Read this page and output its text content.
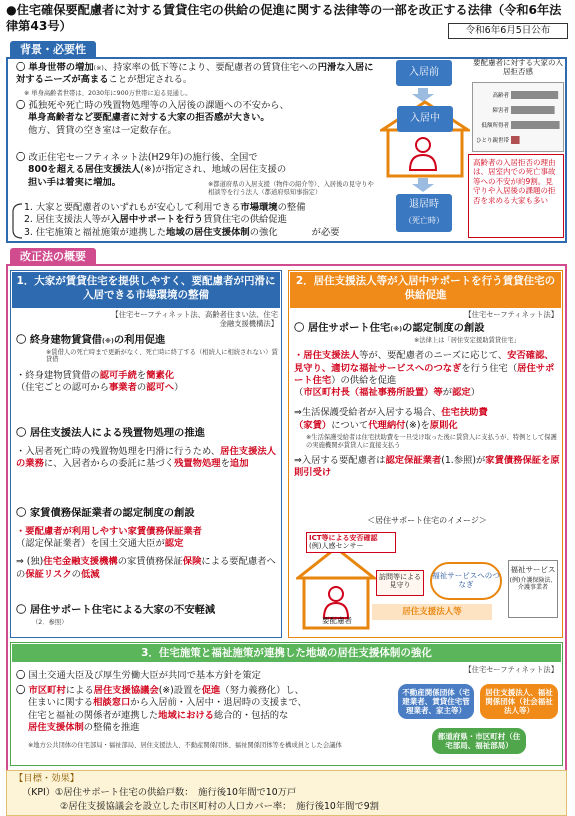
●住宅確保要配慮者に対する賃貸住宅の供給の促進に関する法律等の一部を改正する法律（令和6年法律第43号）	令和6年6月5日公布
背景・必要性
〇 単身世帯の増加(※)、持家率の低下等により、要配慮者の賃貸住宅への円滑な入居に対するニーズが高まることが想定される。
※ 単身高齢者世帯は、2030年に900万世帯に迫る見通し。
〇 孤独死や死亡時の残置物処理等の入居後の課題への不安から、
単身高齢者など要配慮者に対する大家の拒否感が大きい。
他方、賃貸の空き室は一定数存在。
〇 改正住宅セーフティネット法(H29年)の施行後、全国で
800を超える居住支援法人(※)が指定され、地域の居住支援の
担い手は着実に増加。	※都道府県の入居支援（物件の紹介等）、入居後の見守りや相談等を行う法人（都道府県知事指定）
1. 大家と要配慮者のいずれもが安心して利用できる市場環境の整備
2. 居住支援法人等が入居中サポートを行う賃貸住宅の供給促進
3. 住宅施策と福祉施策が連携した地域の居住支援体制の強化	が必要
入居前
入居中
退居時
（死亡時）
要配慮者に対する大家の入居拒否感
高齢者
障害者
低額所得者
ひとり親世帯
高齢者の入居拒否の理由は、居室内での死亡事故等への不安が約9割。見守りや入居後の課題の拒否を求める大家も多い
改正法の概要
1．大家が賃貸住宅を提供しやすく、要配慮者が円滑に入居できる市場環境の整備
【住宅セーフティネット法、高齢者住まい法、住宅金融支援機構法】
〇 終身建物賃貸借(※)の利用促進
※賃借人の死亡時まで更新がなく、死亡時に終了する（相続人に相続されない）賃貸借
・終身建物賃貸借の認可手続を簡素化
（住宅ごとの認可から事業者の認可へ）
〇 居住支援法人による残置物処理の推進
・入居者死亡時の残置物処理を円滑に行うため、居住支援法人の業務に、入居者からの委託に基づく残置物処理を追加
〇 家賃債務保証業者の認定制度の創設
・要配慮者が利用しやすい家賃債務保証業者
（認定保証業者）を国土交通大臣が認定
⇒ (独)住宅金融支援機構の家賃債務保証保険による要配慮者への保証リスクの低減
〇 居住サポート住宅による大家の不安軽減
（2．参照）
2．居住支援法人等が入居中サポートを行う賃貸住宅の供給促進
【住宅セーフティネット法】
〇 居住サポート住宅(※)の認定制度の創設
※法律上は「居住安定援助賃貸住宅」
・居住支援法人等が、要配慮者のニーズに応じて、安否確認、見守り、適切な福祉サービスへのつなぎを行う住宅（居住サポート住宅）の供給を促進
（市区町村長（福祉事務所設置）等が認定）
⇒生活保護受給者が入居する場合、住宅扶助費
（家賃）について代理納付(※)を原則化
※生活保護受給者は住宅扶助費を一旦受け取った後に賃貸人に支払うが、特例として保護の実施機関が賃貸人に直接支払う
⇒入居する要配慮者は認定保証業者(1.参照)が家賃債務保証を原則引受け
＜居住サポート住宅のイメージ＞
ICT等による安否確認
(例)人感センサー
要配慮者
訪問等による見守り
福祉サービスへのつなぎ
居住支援法人等
福祉サービス
(例)介護保険法、介護事業者
3．住宅施策と福祉施策が連携した地域の居住支援体制の強化
【住宅セーフティネット法】
〇 国土交通大臣及び厚生労働大臣が共同で基本方針を策定
〇 市区町村による居住支援協議会(※)設置を促進（努力義務化）し、
住まいに関する相談窓口から入居前・入居中・退居時の支援まで、
住宅と福祉の関係者が連携した地域における総合的・包括的な
居住支援体制の整備を推進
※地方公共団体の住宅部局・福祉部局、居住支援法人、不動産関係団体、福祉関係団体等を構成員とした会議体
不動産関係団体（宅建業者、賃貸住宅管理業者、家主等）
居住支援法人、福祉関係団体（社会福祉法人等）
都道府県・市区町村（住宅部局、福祉部局）
【目標・効果】
（KPI）①居住サポート住宅の供給戸数：　施行後10年間で10万戸
②居住支援協議会を設立した市区町村の人口カバー率：　施行後10年間で9割
